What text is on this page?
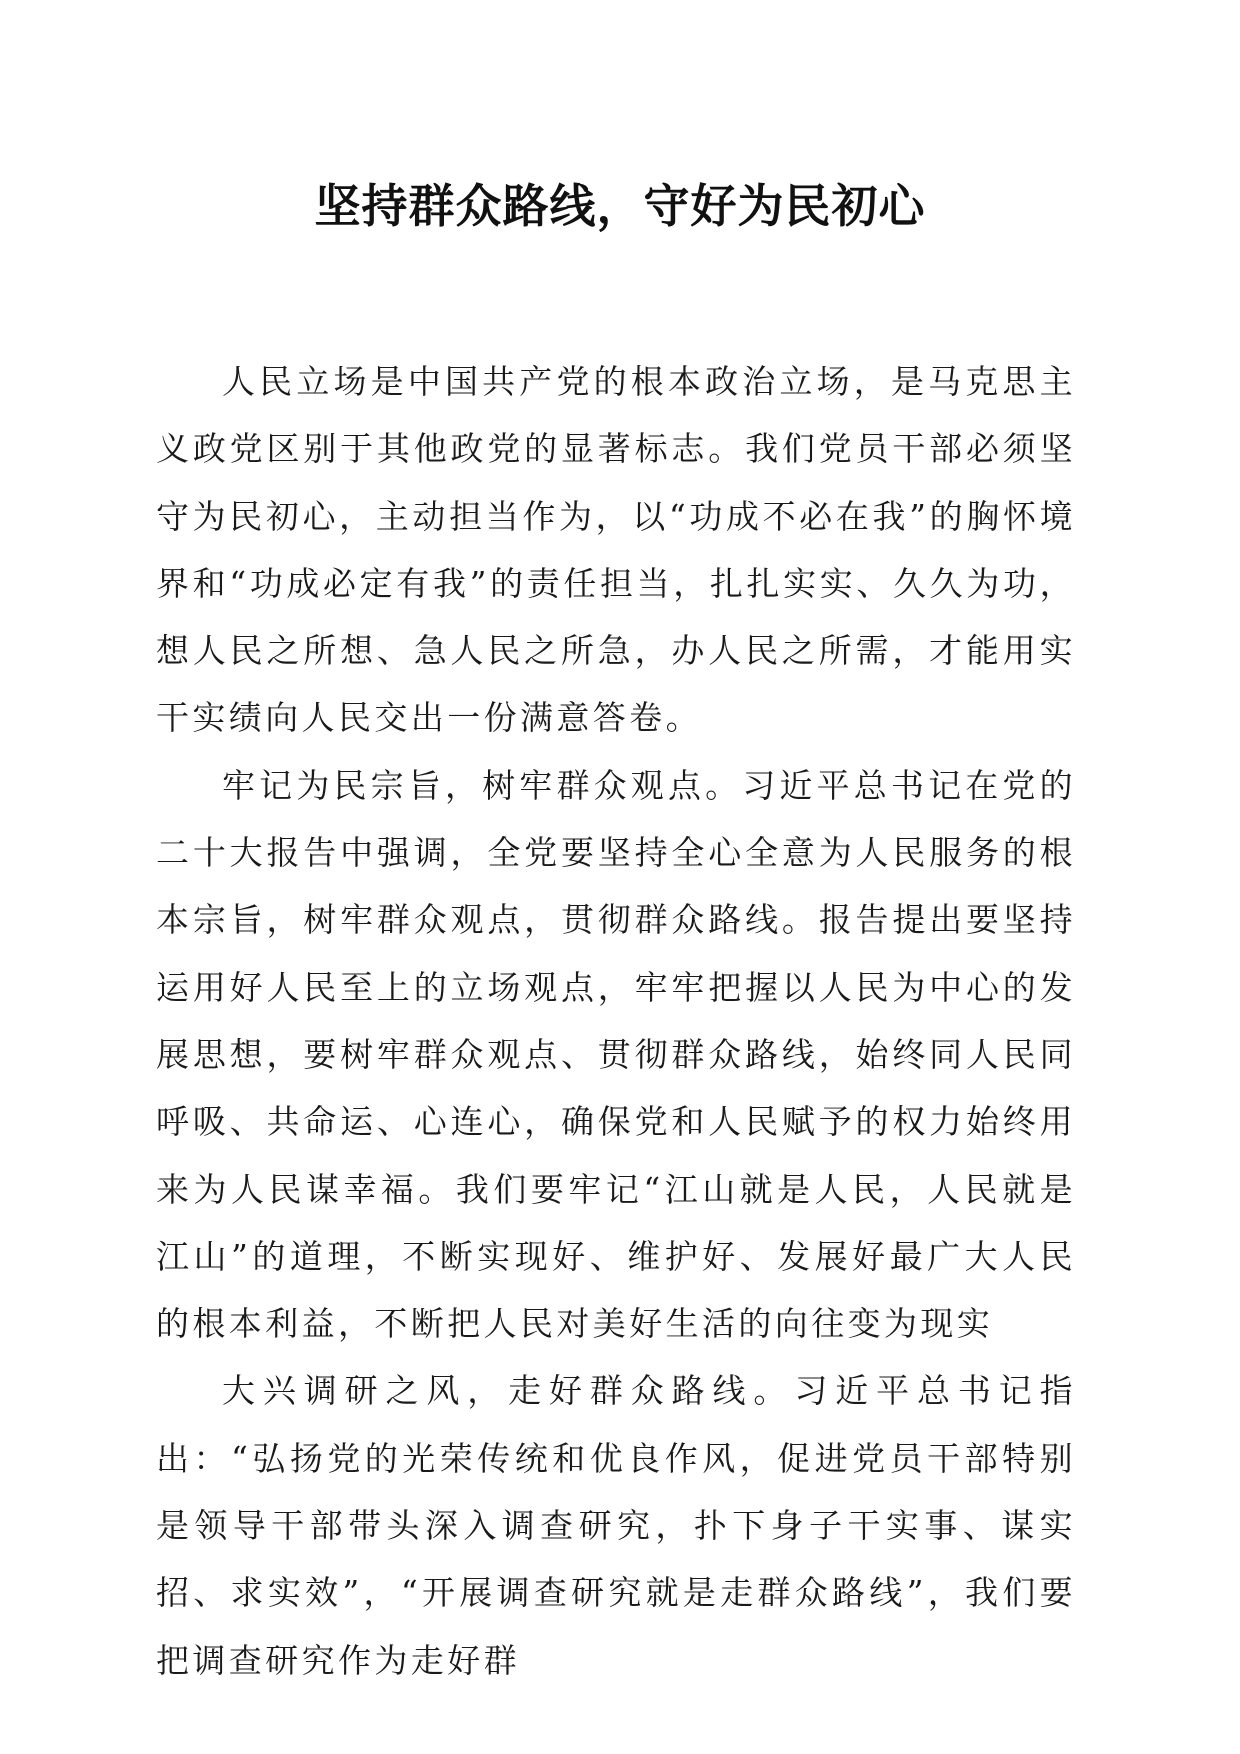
坚持群众路线，守好为民初心

人民立场是中国共产党的根本政治立场，是马克思主义政党区别于其他政党的显著标志。我们党员干部必须坚守为民初心，主动担当作为，以“功成不必在我”的胸怀境界和“功成必定有我”的责任担当，扎扎实实、久久为功，想人民之所想、急人民之所急，办人民之所需，才能用实干实绩向人民交出一份满意答卷。

牢记为民宗旨，树牢群众观点。习近平总书记在党的二十大报告中强调，全党要坚持全心全意为人民服务的根本宗旨，树牢群众观点，贯彻群众路线。报告提出要坚持运用好人民至上的立场观点，牢牢把握以人民为中心的发展思想，要树牢群众观点、贯彻群众路线，始终同人民同呼吸、共命运、心连心，确保党和人民赋予的权力始终用来为人民谋幸福。我们要牢记“江山就是人民，人民就是江山”的道理，不断实现好、维护好、发展好最广大人民的根本利益，不断把人民对美好生活的向往变为现实

大兴调研之风，走好群众路线。习近平总书记指出：“弘扬党的光荣传统和优良作风，促进党员干部特别是领导干部带头深入调查研究，扑下身子干实事、谋实招、求实效”，“开展调查研究就是走群众路线”，我们要把调查研究作为走好群
